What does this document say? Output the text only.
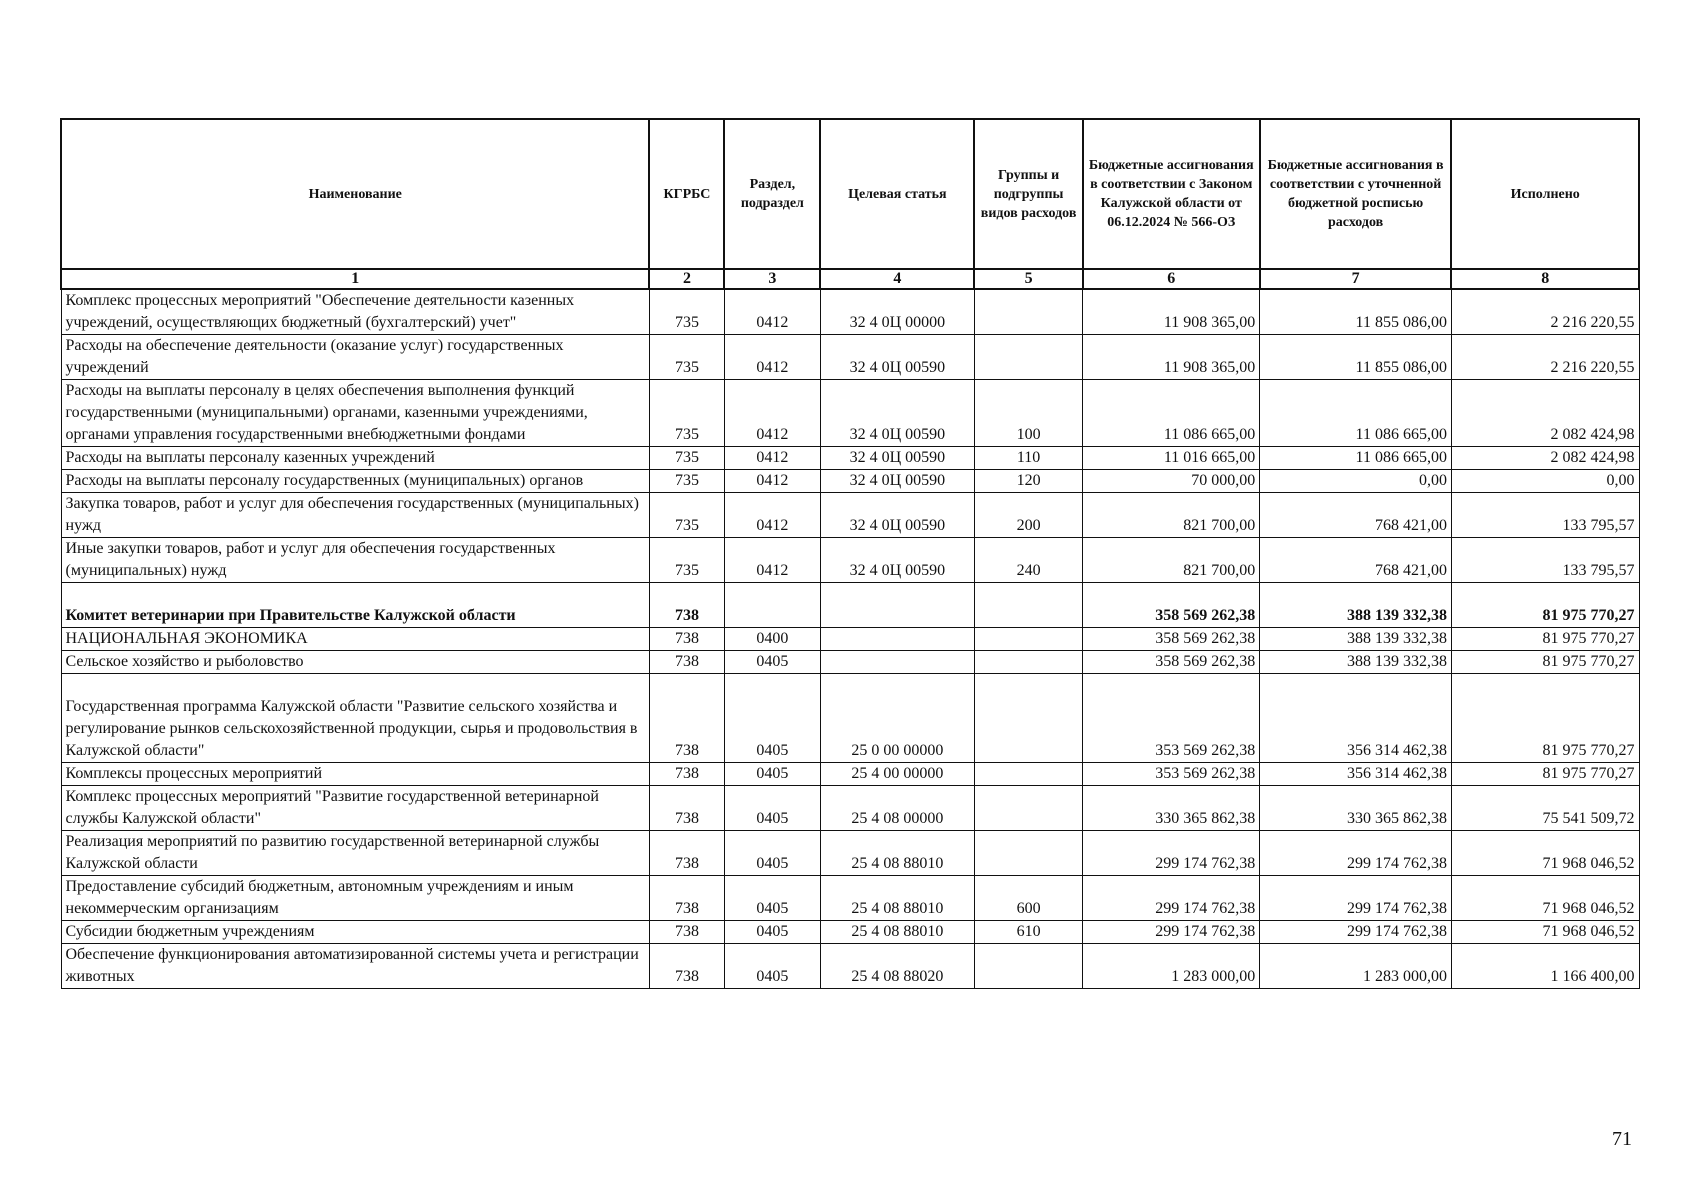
Наименование	КГРБС	Раздел, подраздел	Целевая статья	Группы и подгруппы видов расходов	Бюджетные ассигнования в соответствии с Законом Калужской области от 06.12.2024 № 566-ОЗ	Бюджетные ассигнования в соответствии с уточненной бюджетной росписью расходов	Исполнено
1	2	3	4	5	6	7	8
Комплекс процессных мероприятий "Обеспечение деятельности казенных учреждений, осуществляющих бюджетный (бухгалтерский) учет"	735	0412	32 4 0Ц 00000		11 908 365,00	11 855 086,00	2 216 220,55
Расходы на обеспечение деятельности (оказание услуг) государственных учреждений	735	0412	32 4 0Ц 00590		11 908 365,00	11 855 086,00	2 216 220,55
Расходы на выплаты персоналу в целях обеспечения выполнения функций государственными (муниципальными) органами, казенными учреждениями, органами управления государственными внебюджетными фондами	735	0412	32 4 0Ц 00590	100	11 086 665,00	11 086 665,00	2 082 424,98
Расходы на выплаты персоналу казенных учреждений	735	0412	32 4 0Ц 00590	110	11 016 665,00	11 086 665,00	2 082 424,98
Расходы на выплаты персоналу государственных (муниципальных) органов	735	0412	32 4 0Ц 00590	120	70 000,00	0,00	0,00
Закупка товаров, работ и услуг для обеспечения государственных (муниципальных) нужд	735	0412	32 4 0Ц 00590	200	821 700,00	768 421,00	133 795,57
Иные закупки товаров, работ и услуг для обеспечения государственных (муниципальных) нужд	735	0412	32 4 0Ц 00590	240	821 700,00	768 421,00	133 795,57
Комитет ветеринарии при Правительстве Калужской области	738				358 569 262,38	388 139 332,38	81 975 770,27
НАЦИОНАЛЬНАЯ ЭКОНОМИКА	738	0400			358 569 262,38	388 139 332,38	81 975 770,27
Сельское хозяйство и рыболовство	738	0405			358 569 262,38	388 139 332,38	81 975 770,27
Государственная программа Калужской области "Развитие сельского хозяйства и регулирование рынков сельскохозяйственной продукции, сырья и продовольствия в Калужской области"	738	0405	25 0 00 00000		353 569 262,38	356 314 462,38	81 975 770,27
Комплексы процессных мероприятий	738	0405	25 4 00 00000		353 569 262,38	356 314 462,38	81 975 770,27
Комплекс процессных мероприятий "Развитие государственной ветеринарной службы Калужской области"	738	0405	25 4 08 00000		330 365 862,38	330 365 862,38	75 541 509,72
Реализация мероприятий по развитию государственной ветеринарной службы Калужской области	738	0405	25 4 08 88010		299 174 762,38	299 174 762,38	71 968 046,52
Предоставление субсидий бюджетным, автономным учреждениям и иным некоммерческим организациям	738	0405	25 4 08 88010	600	299 174 762,38	299 174 762,38	71 968 046,52
Субсидии бюджетным учреждениям	738	0405	25 4 08 88010	610	299 174 762,38	299 174 762,38	71 968 046,52
Обеспечение функционирования автоматизированной системы учета и регистрации животных	738	0405	25 4 08 88020		1 283 000,00	1 283 000,00	1 166 400,00
71
